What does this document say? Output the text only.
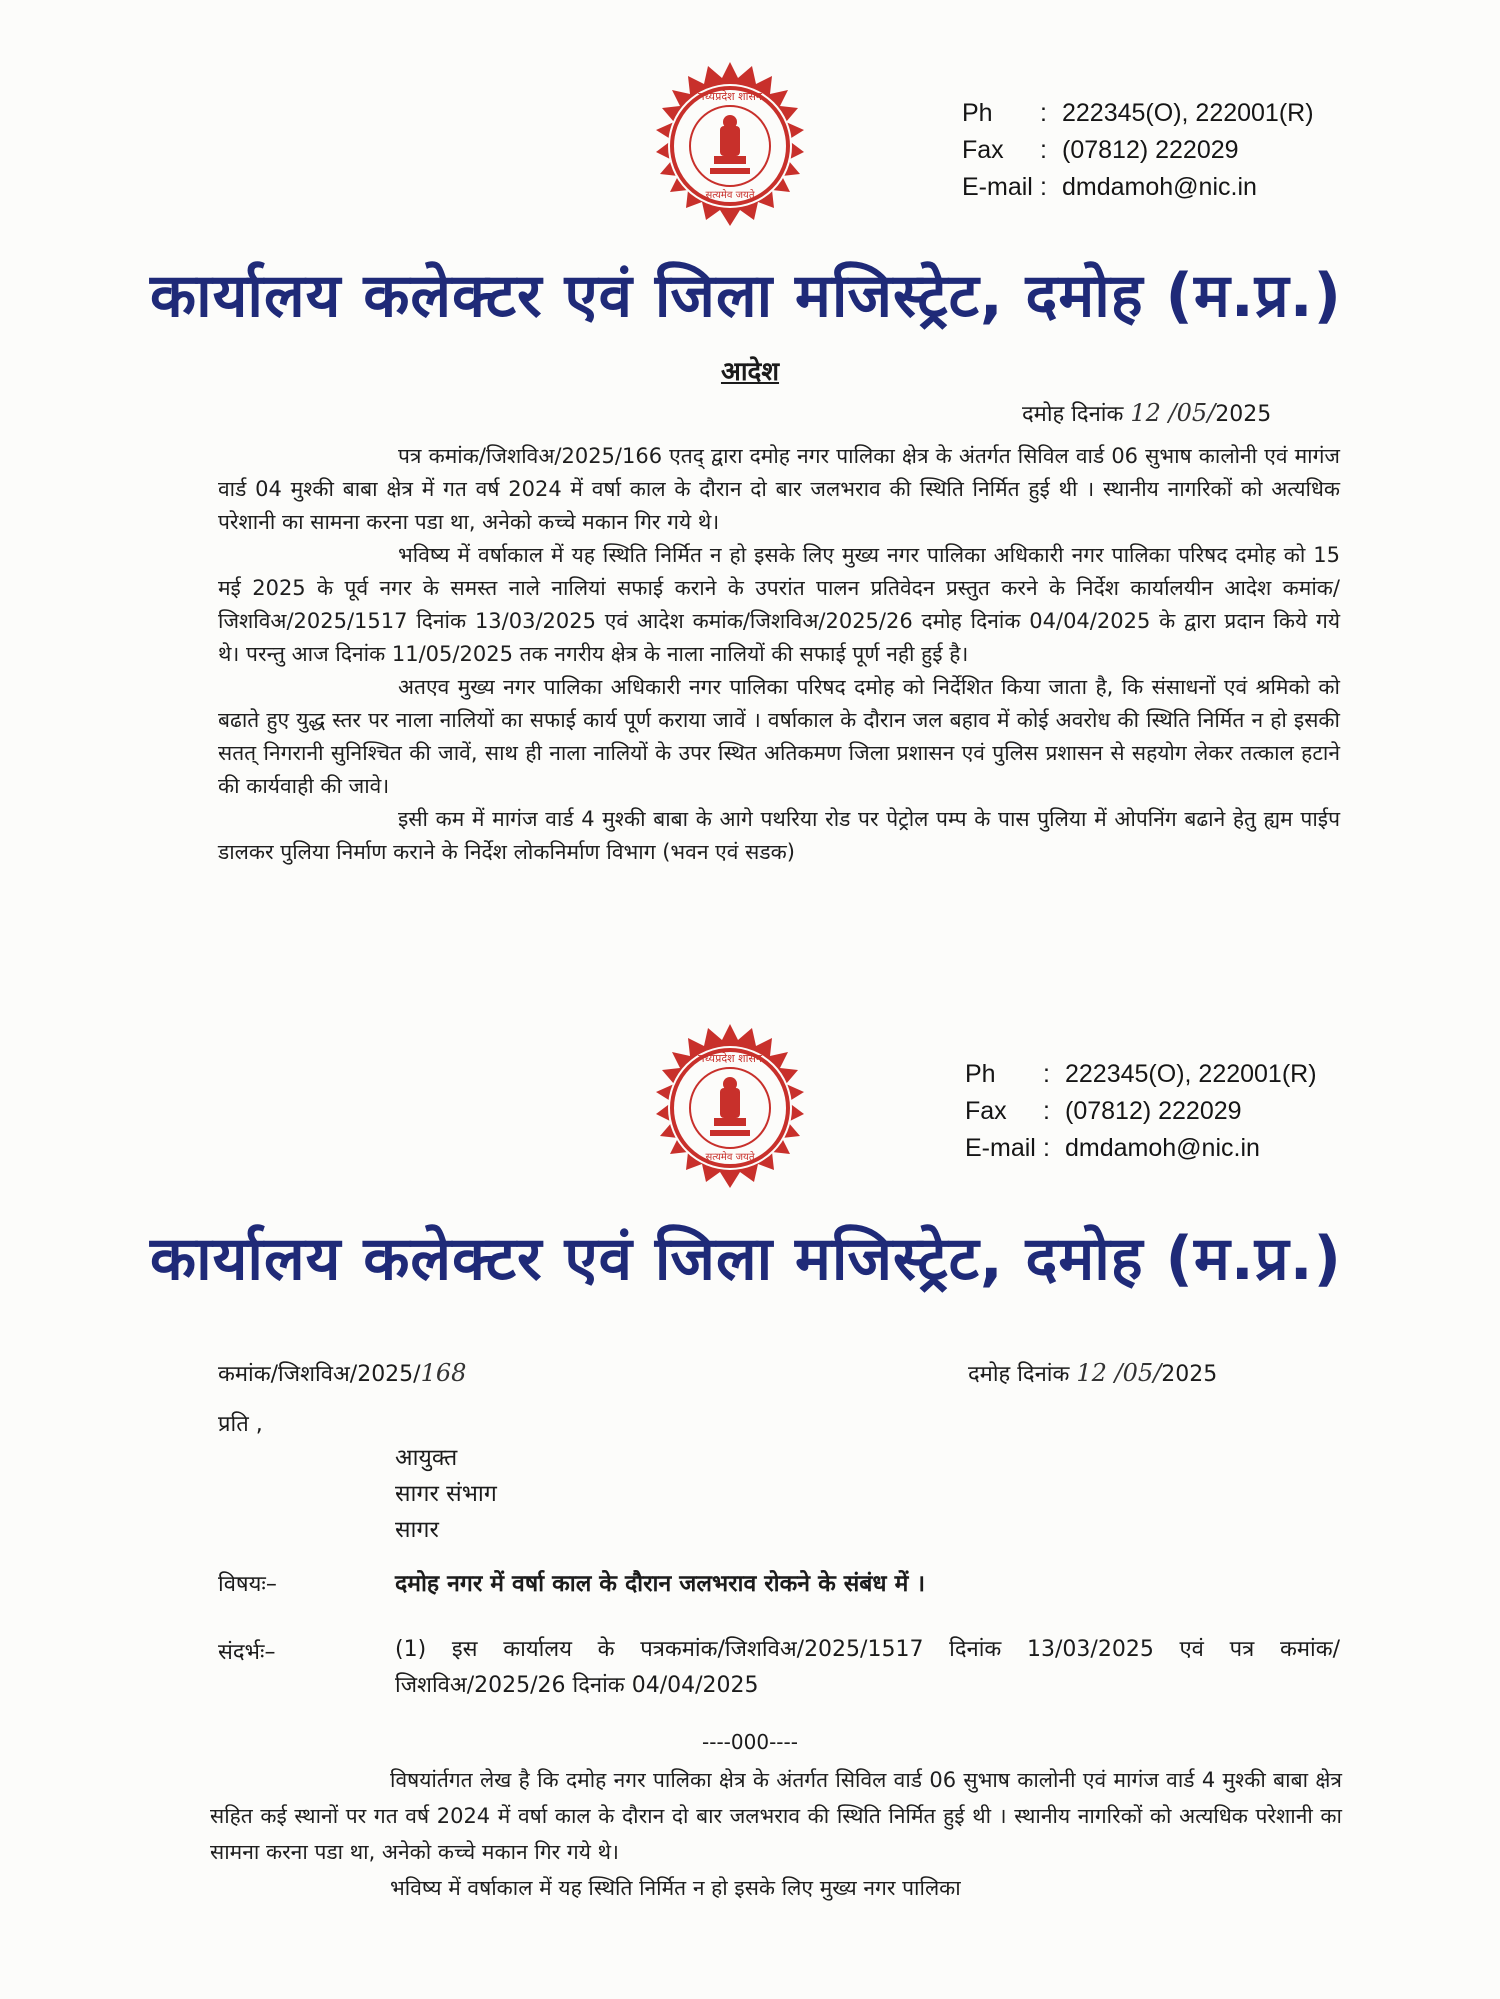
मध्यप्रदेश शासन
सत्यमेव जयते
Ph	: 222345(O), 222001(R)
Fax	: (07812) 222029
E-mail : dmdamoh@nic.in
कार्यालय कलेक्टर एवं जिला मजिस्ट्रेट, दमोह (म.प्र.)
आदेश
दमोह दिनांक 12 /05/2025

पत्र कमांक/जिशविअ/2025/166 एतद् द्वारा दमोह नगर पालिका क्षेत्र के अंतर्गत सिविल वार्ड 06 सुभाष कालोनी एवं मागंज वार्ड 04 मुश्की बाबा क्षेत्र में गत वर्ष 2024 में वर्षा काल के दौरान दो बार जलभराव की स्थिति निर्मित हुई थी । स्थानीय नागरिकों को अत्यधिक परेशानी का सामना करना पडा था, अनेको कच्चे मकान गिर गये थे।

भविष्य में वर्षाकाल में यह स्थिति निर्मित न हो इसके लिए मुख्य नगर पालिका अधिकारी नगर पालिका परिषद दमोह को 15 मई 2025 के पूर्व नगर के समस्त नाले नालियां सफाई कराने के उपरांत पालन प्रतिवेदन प्रस्तुत करने के निर्देश कार्यालयीन आदेश कमांक/जिशविअ/2025/1517 दिनांक 13/03/2025 एवं आदेश कमांक/जिशविअ/2025/26 दमोह दिनांक 04/04/2025 के द्वारा प्रदान किये गये थे। परन्तु आज दिनांक 11/05/2025 तक नगरीय क्षेत्र के नाला नालियों की सफाई पूर्ण नही हुई है।

अतएव मुख्य नगर पालिका अधिकारी नगर पालिका परिषद दमोह को निर्देशित किया जाता है, कि संसाधनों एवं श्रमिको को बढाते हुए युद्ध स्तर पर नाला नालियों का सफाई कार्य पूर्ण कराया जावें । वर्षाकाल के दौरान जल बहाव में कोई अवरोध की स्थिति निर्मित न हो इसकी सतत् निगरानी सुनिश्चित की जावें, साथ ही नाला नालियों के उपर स्थित अतिकमण जिला प्रशासन एवं पुलिस प्रशासन से सहयोग लेकर तत्काल हटाने की कार्यवाही की जावे।

इसी कम में मागंज वार्ड 4 मुश्की बाबा के आगे पथरिया रोड पर पेट्रोल पम्प के पास पुलिया में ओपनिंग बढाने हेतु ह्यम पाईप डालकर पुलिया निर्माण कराने के निर्देश लोकनिर्माण विभाग (भवन एवं सडक)

मध्यप्रदेश शासन
सत्यमेव जयते
Ph	: 222345(O), 222001(R)
Fax	: (07812) 222029
E-mail : dmdamoh@nic.in
कार्यालय कलेक्टर एवं जिला मजिस्ट्रेट, दमोह (म.प्र.)
कमांक/जिशविअ/2025/168	दमोह दिनांक 12 /05/2025
प्रति ,
आयुक्त
सागर संभाग
सागर
विषयः–	दमोह नगर में वर्षा काल के दौरान जलभराव रोकने के संबंध में ।
संदर्भः–	(1) इस कार्यालय के पत्रकमांक/जिशविअ/2025/1517 दिनांक 13/03/2025 एवं पत्र कमांक/जिशविअ/2025/26 दिनांक 04/04/2025
----000----

विषयांर्तगत लेख है कि दमोह नगर पालिका क्षेत्र के अंतर्गत सिविल वार्ड 06 सुभाष कालोनी एवं मागंज वार्ड 4 मुश्की बाबा क्षेत्र सहित कई स्थानों पर गत वर्ष 2024 में वर्षा काल के दौरान दो बार जलभराव की स्थिति निर्मित हुई थी । स्थानीय नागरिकों को अत्यधिक परेशानी का सामना करना पडा था, अनेको कच्चे मकान गिर गये थे।

भविष्य में वर्षाकाल में यह स्थिति निर्मित न हो इसके लिए मुख्य नगर पालिका
